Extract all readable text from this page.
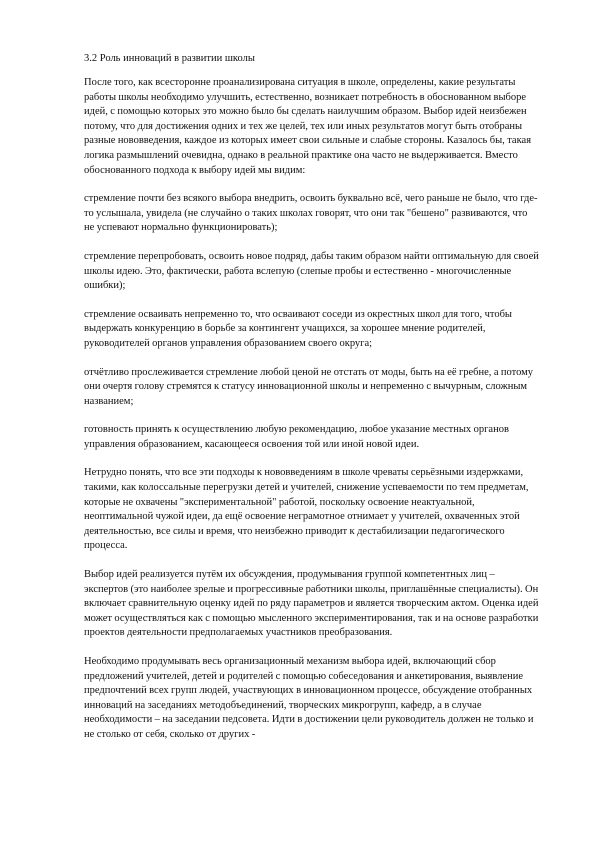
3.2 Роль инноваций в развитии школы

После того, как всесторонне проанализирована ситуация в школе, определены, какие результаты работы школы необходимо улучшить, естественно, возникает потребность в обоснованном выборе идей, с помощью которых это можно было бы сделать наилучшим образом. Выбор идей неизбежен потому, что для достижения одних и тех же целей, тех или иных результатов могут быть отобраны разные нововведения, каждое из которых имеет свои сильные и слабые стороны. Казалось бы, такая логика размышлений очевидна, однако в реальной практике она часто не выдерживается. Вместо обоснованного подхода к выбору идей мы видим:

стремление почти без всякого выбора внедрить, освоить буквально всё, чего раньше не было, что где-то услышала, увидела (не случайно о таких школах говорят, что они так "бешено" развиваются, что не успевают нормально функционировать);

стремление перепробовать, освоить новое подряд, дабы таким образом найти оптимальную для своей школы идею. Это, фактически, работа вслепую (слепые пробы и естественно - многочисленные ошибки);

стремление осваивать непременно то, что осваивают соседи из окрестных школ для того, чтобы выдержать конкуренцию в борьбе за контингент учащихся, за хорошее мнение родителей, руководителей органов управления образованием своего округа;

отчётливо прослеживается стремление любой ценой не отстать от моды, быть на её гребне, а потому они очертя голову стремятся к статусу инновационной школы и непременно с вычурным, сложным названием;

готовность принять к осуществлению любую рекомендацию, любое указание местных органов управления образованием, касающееся освоения той или иной новой идеи.

Нетрудно понять, что все эти подходы к нововведениям в школе чреваты серьёзными издержками, такими, как колоссальные перегрузки детей и учителей, снижение успеваемости по тем предметам, которые не охвачены "экспериментальной" работой, поскольку освоение неактуальной, неоптимальной чужой идеи, да ещё освоение неграмотное отнимает у учителей, охваченных этой деятельностью, все силы и время, что неизбежно приводит к дестабилизации педагогического процесса.

Выбор идей реализуется путём их обсуждения, продумывания группой компетентных лиц – экспертов (это наиболее зрелые и прогрессивные работники школы, приглашённые специалисты). Он включает сравнительную оценку идей по ряду параметров и является творческим актом. Оценка идей может осуществляться как с помощью мысленного экспериментирования, так и на основе разработки проектов деятельности предполагаемых участников преобразования.

Необходимо продумывать весь организационный механизм выбора идей, включающий сбор предложений учителей, детей и родителей с помощью собеседования и анкетирования, выявление предпочтений всех групп людей, участвующих в инновационном процессе, обсуждение отобранных инноваций на заседаниях методобъединений, творческих микрогрупп, кафедр, а в случае необходимости – на заседании педсовета. Идти в достижении цели руководитель должен не только и не столько от себя, сколько от других -
